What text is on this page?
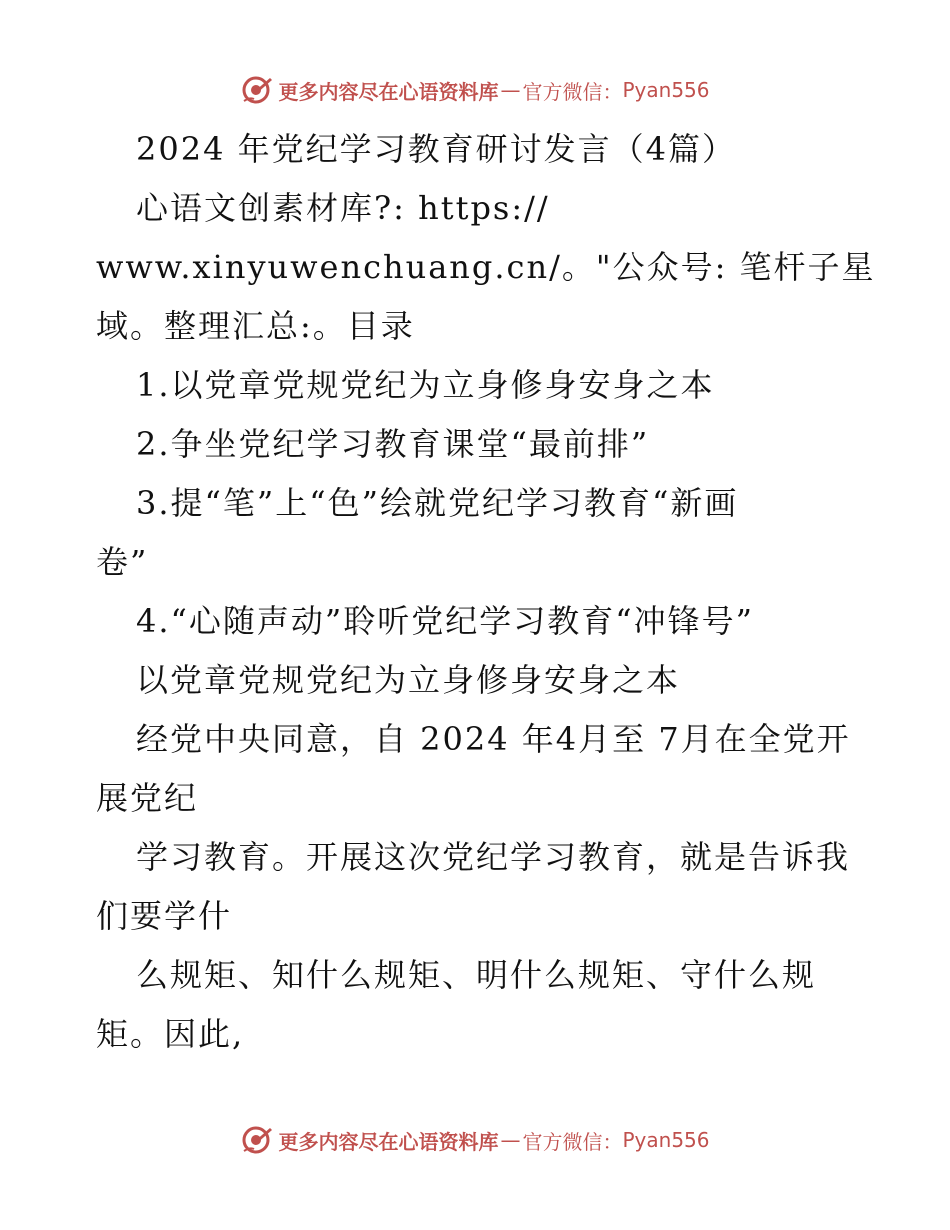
更多内容尽在心语资料库 — 官方微信： Pyan556
2024 年党纪学习教育研讨发言（4篇）
心语文创素材库?: https://
www.xinyuwenchuang.cn/。"公众号: 笔杆子星
域。整理汇总:。目录
1.以党章党规党纪为立身修身安身之本
2.争坐党纪学习教育课堂“最前排”
3.提“笔”上“色”绘就党纪学习教育“新画
卷”
4.“心随声动”聆听党纪学习教育“冲锋号”
以党章党规党纪为立身修身安身之本
经党中央同意，自 2024 年4月至 7月在全党开
展党纪
学习教育。开展这次党纪学习教育，就是告诉我
们要学什
么规矩、知什么规矩、明什么规矩、守什么规
矩。因此,
更多内容尽在心语资料库 — 官方微信： Pyan556
